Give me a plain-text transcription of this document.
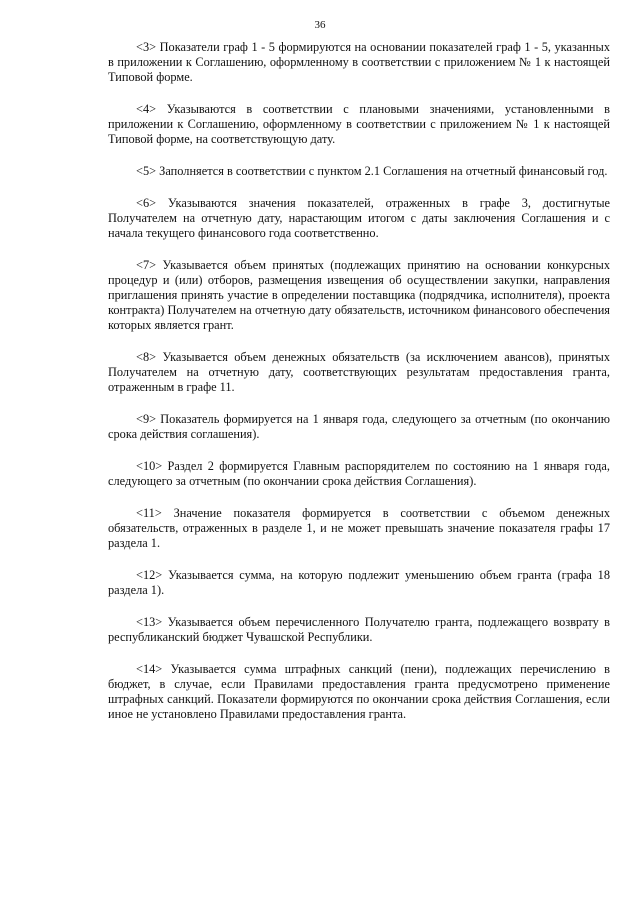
36

<3> Показатели граф 1 - 5 формируются на основании показателей граф 1 - 5, указанных в приложении к Соглашению, оформленному в соответствии с приложением № 1 к настоящей Типовой форме.

<4> Указываются в соответствии с плановыми значениями, установленными в приложении к Соглашению, оформленному в соответствии с приложением № 1 к настоящей Типовой форме, на соответствующую дату.

<5> Заполняется в соответствии с пунктом 2.1 Соглашения на отчетный финансовый год.

<6> Указываются значения показателей, отраженных в графе 3, достигнутые Получателем на отчетную дату, нарастающим итогом с даты заключения Соглашения и с начала текущего финансового года соответственно.

<7> Указывается объем принятых (подлежащих принятию на основании конкурсных процедур и (или) отборов, размещения извещения об осуществлении закупки, направления приглашения принять участие в определении поставщика (подрядчика, исполнителя), проекта контракта) Получателем на отчетную дату обязательств, источником финансового обеспечения которых является грант.

<8> Указывается объем денежных обязательств (за исключением авансов), принятых Получателем на отчетную дату, соответствующих результатам предоставления гранта, отраженным в графе 11.

<9> Показатель формируется на 1 января года, следующего за отчетным (по окончанию срока действия соглашения).

<10> Раздел 2 формируется Главным распорядителем по состоянию на 1 января года, следующего за отчетным (по окончании срока действия Соглашения).

<11> Значение показателя формируется в соответствии с объемом денежных обязательств, отраженных в разделе 1, и не может превышать значение показателя графы 17 раздела 1.

<12> Указывается сумма, на которую подлежит уменьшению объем гранта (графа 18 раздела 1).

<13> Указывается объем перечисленного Получателю гранта, подлежащего возврату в республиканский бюджет Чувашской Республики.

<14> Указывается сумма штрафных санкций (пени), подлежащих перечислению в бюджет, в случае, если Правилами предоставления гранта предусмотрено применение штрафных санкций. Показатели формируются по окончании срока действия Соглашения, если иное не установлено Правилами предоставления гранта.
